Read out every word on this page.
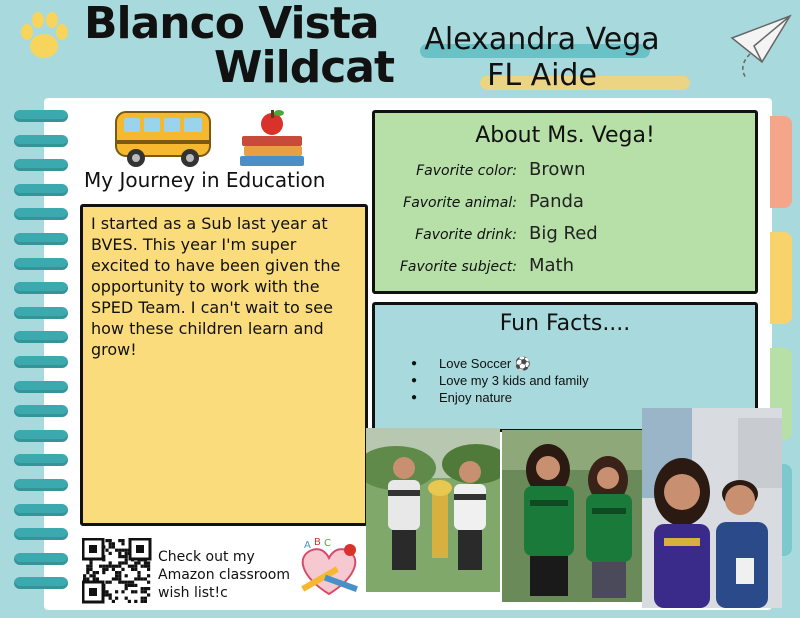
Blanco Vista
Wildcat
Alexandra Vega
FL Aide
My Journey in Education

I started as a Sub last year at BVES. This year I'm super excited to have been given the opportunity to work with the SPED Team. I can't wait to see how these children learn and grow!

Check out my Amazon classroom wish list!c
A B C
About Ms. Vega!
Favorite color: Brown
Favorite animal: Panda
Favorite drink: Big Red
Favorite subject: Math
Fun Facts....
● Love Soccer ⚽
● Love my 3 kids and family
● Enjoy nature
